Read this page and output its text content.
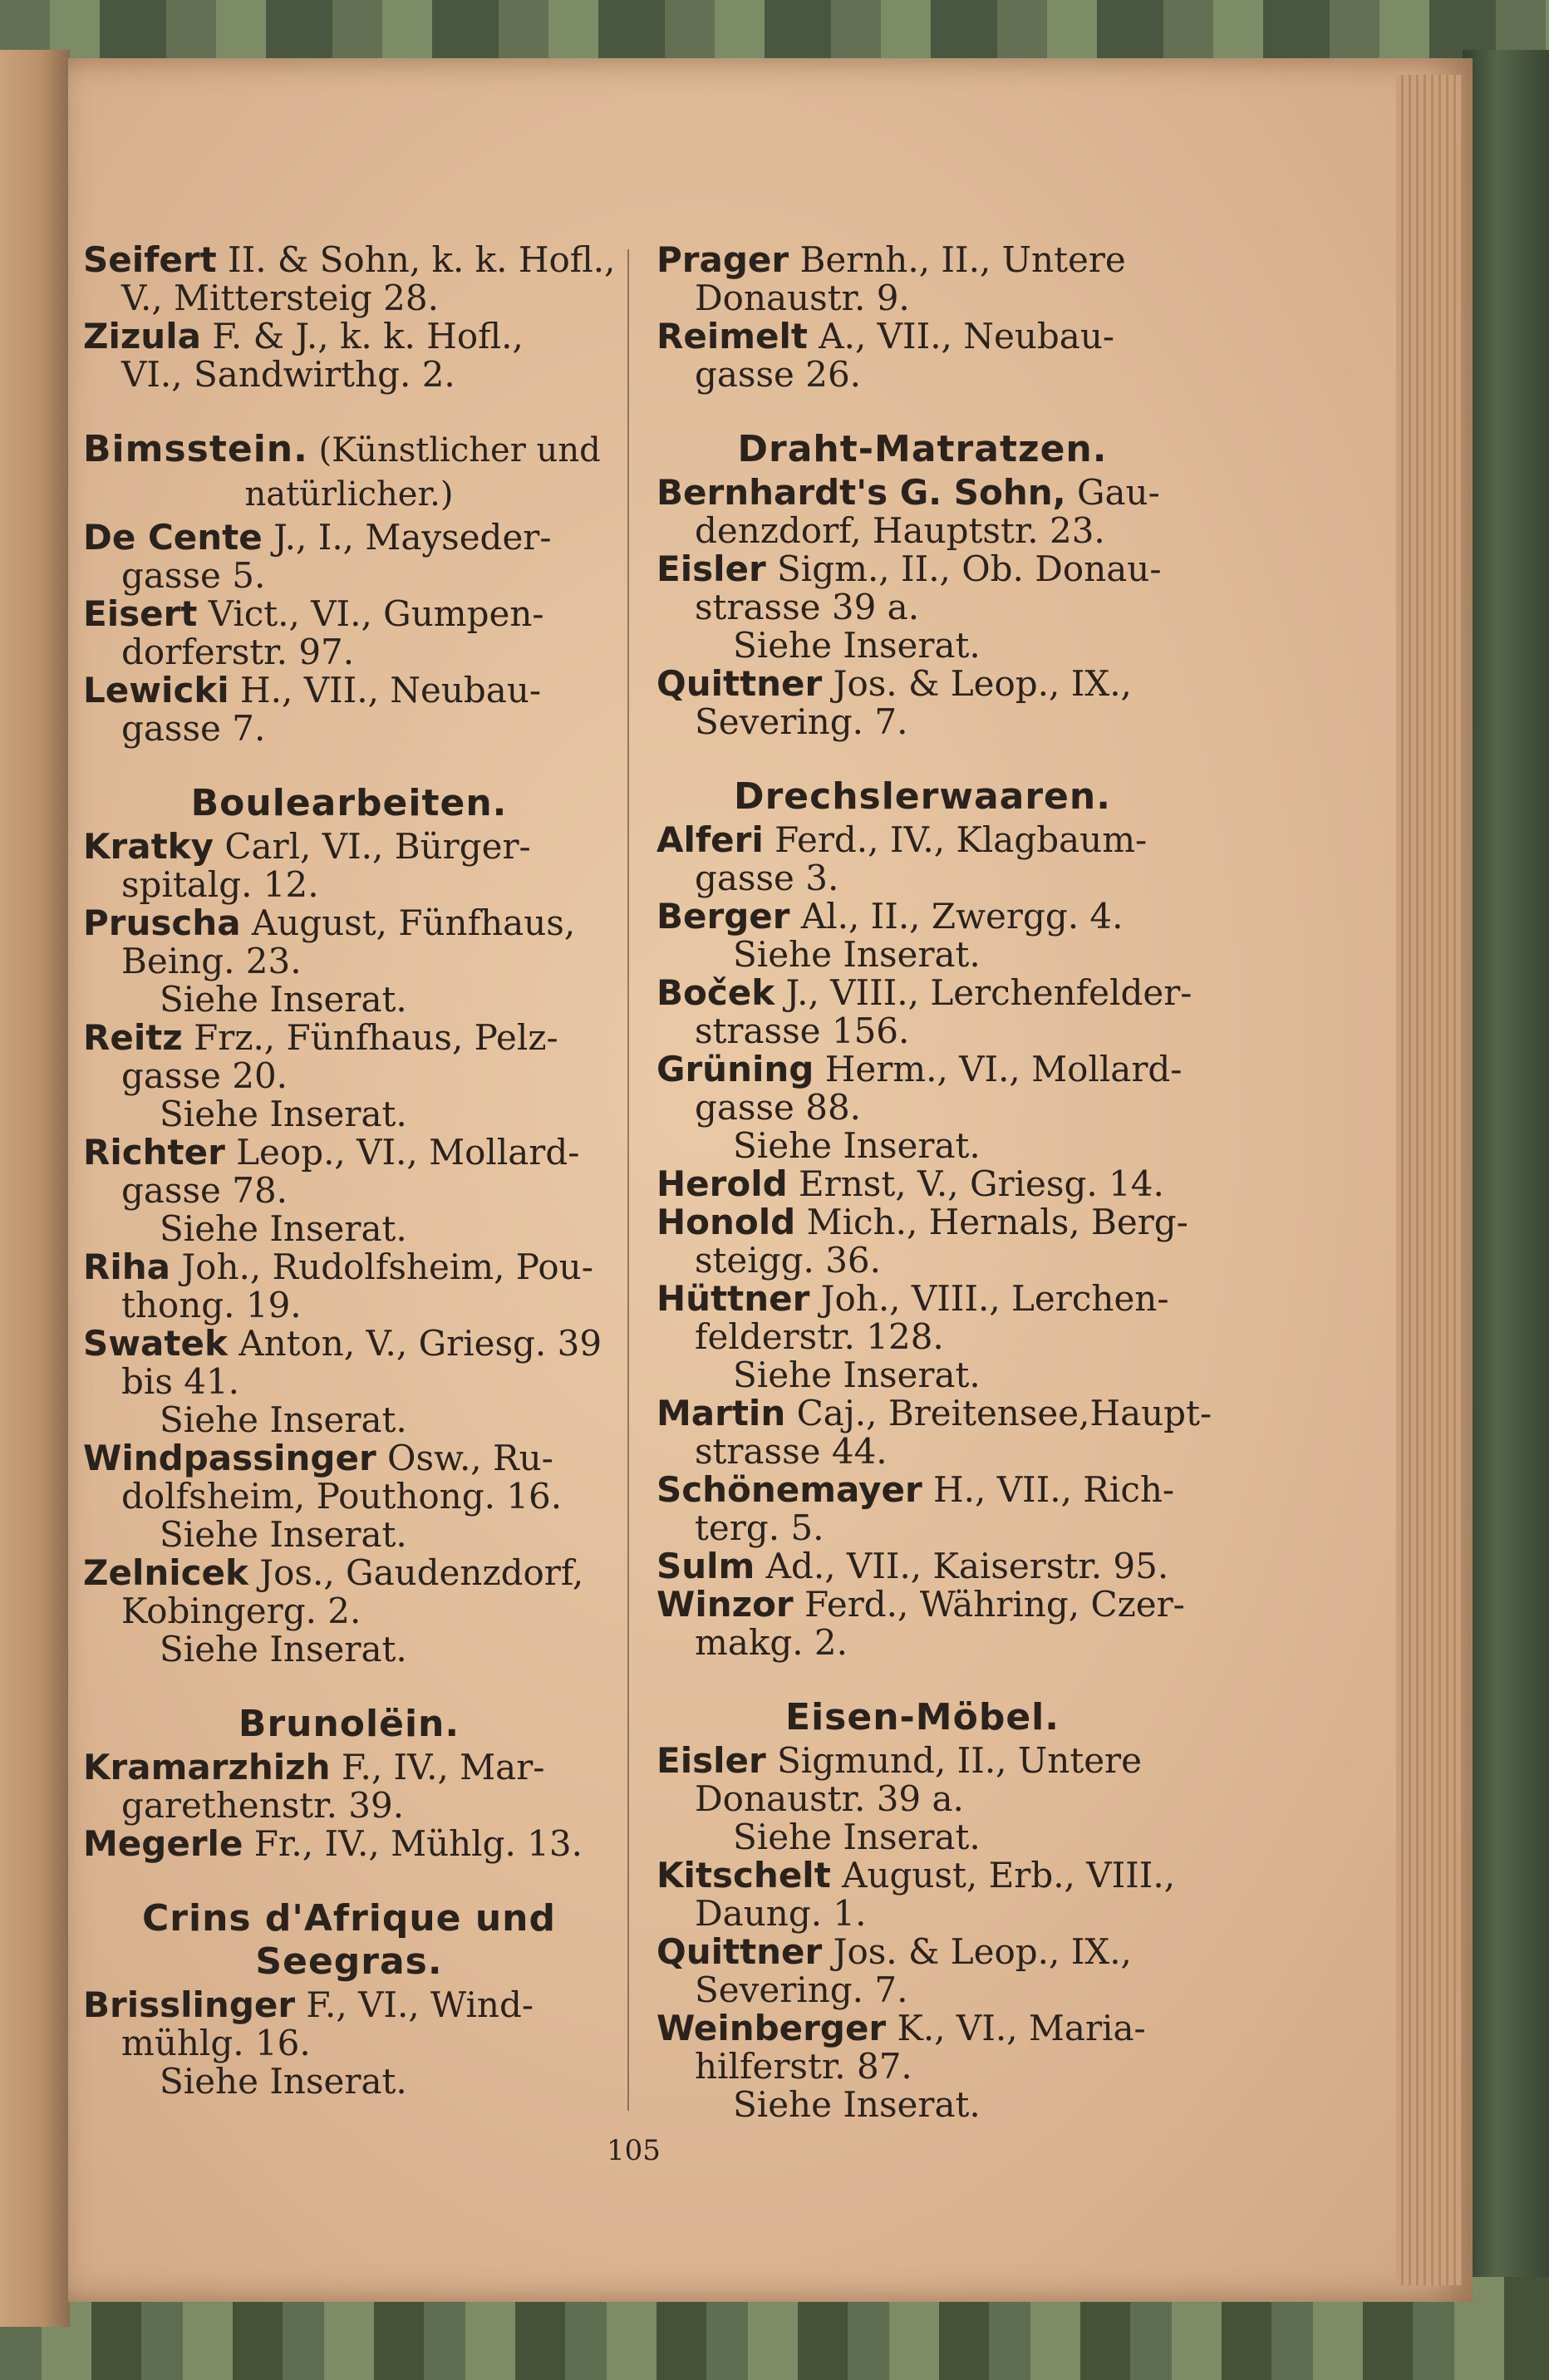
Seifert II. & Sohn, k. k. Hofl.,
V., Mittersteig 28.
Zizula F. & J., k. k. Hofl.,
VI., Sandwirthg. 2.
Bimsstein. (Künstlicher und
natürlicher.)
De Cente J., I., Mayseder-
gasse 5.
Eisert Vict., VI., Gumpen-
dorferstr. 97.
Lewicki H., VII., Neubau-
gasse 7.
Boulearbeiten.
Kratky Carl, VI., Bürger-
spitalg. 12.
Pruscha August, Fünfhaus,
Being. 23.
Siehe Inserat.
Reitz Frz., Fünfhaus, Pelz-
gasse 20.
Siehe Inserat.
Richter Leop., VI., Mollard-
gasse 78.
Siehe Inserat.
Riha Joh., Rudolfsheim, Pou-
thong. 19.
Swatek Anton, V., Griesg. 39
bis 41.
Siehe Inserat.
Windpassinger Osw., Ru-
dolfsheim, Pouthong. 16.
Siehe Inserat.
Zelnicek Jos., Gaudenzdorf,
Kobingerg. 2.
Siehe Inserat.
Brunolëin.
Kramarzhizh F., IV., Mar-
garethenstr. 39.
Megerle Fr., IV., Mühlg. 13.
Crins d'Afrique und
Seegras.
Brisslinger F., VI., Wind-
mühlg. 16.
Siehe Inserat.
Prager Bernh., II., Untere
Donaustr. 9.
Reimelt A., VII., Neubau-
gasse 26.
Draht-Matratzen.
Bernhardt's G. Sohn, Gau-
denzdorf, Hauptstr. 23.
Eisler Sigm., II., Ob. Donau-
strasse 39 a.
Siehe Inserat.
Quittner Jos. & Leop., IX.,
Severing. 7.
Drechslerwaaren.
Alferi Ferd., IV., Klagbaum-
gasse 3.
Berger Al., II., Zwergg. 4.
Siehe Inserat.
Boček J., VIII., Lerchenfelder-
strasse 156.
Grüning Herm., VI., Mollard-
gasse 88.
Siehe Inserat.
Herold Ernst, V., Griesg. 14.
Honold Mich., Hernals, Berg-
steigg. 36.
Hüttner Joh., VIII., Lerchen-
felderstr. 128.
Siehe Inserat.
Martin Caj., Breitensee,Haupt-
strasse 44.
Schönemayer H., VII., Rich-
terg. 5.
Sulm Ad., VII., Kaiserstr. 95.
Winzor Ferd., Währing, Czer-
makg. 2.
Eisen-Möbel.
Eisler Sigmund, II., Untere
Donaustr. 39 a.
Siehe Inserat.
Kitschelt August, Erb., VIII.,
Daung. 1.
Quittner Jos. & Leop., IX.,
Severing. 7.
Weinberger K., VI., Maria-
hilferstr. 87.
Siehe Inserat.
105
